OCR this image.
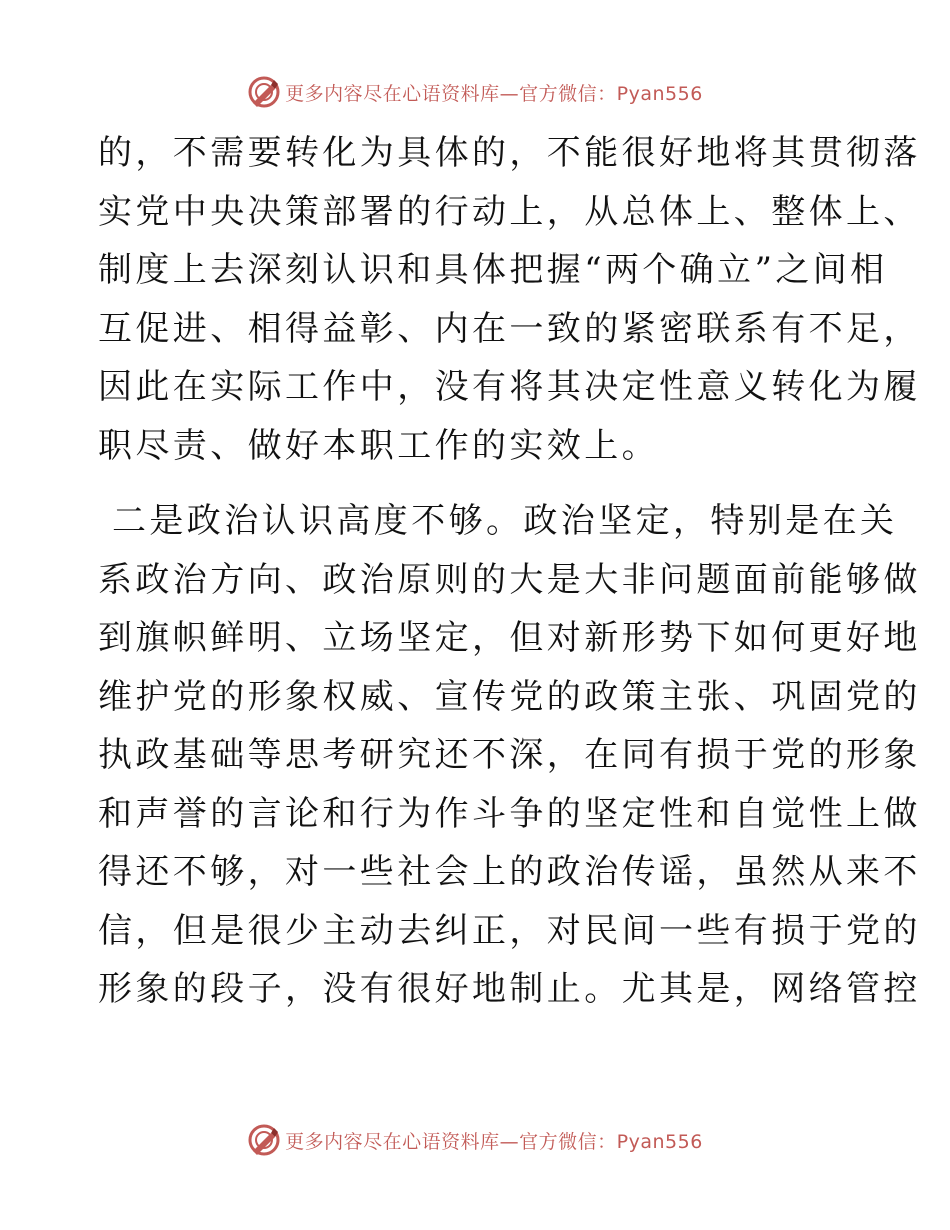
更多内容尽在心语资料库—官方微信：Pyan556
的，不需要转化为具体的，不能很好地将其贯彻落
实党中央决策部署的行动上，从总体上、整体上、
制度上去深刻认识和具体把握“两个确立”之间相
互促进、相得益彰、内在一致的紧密联系有不足，
因此在实际工作中，没有将其决定性意义转化为履
职尽责、做好本职工作的实效上。
二是政治认识高度不够。政治坚定，特别是在关
系政治方向、政治原则的大是大非问题面前能够做
到旗帜鲜明、立场坚定，但对新形势下如何更好地
维护党的形象权威、宣传党的政策主张、巩固党的
执政基础等思考研究还不深，在同有损于党的形象
和声誉的言论和行为作斗争的坚定性和自觉性上做
得还不够，对一些社会上的政治传谣，虽然从来不
信，但是很少主动去纠正，对民间一些有损于党的
形象的段子，没有很好地制止。尤其是，网络管控
更多内容尽在心语资料库—官方微信：Pyan556
